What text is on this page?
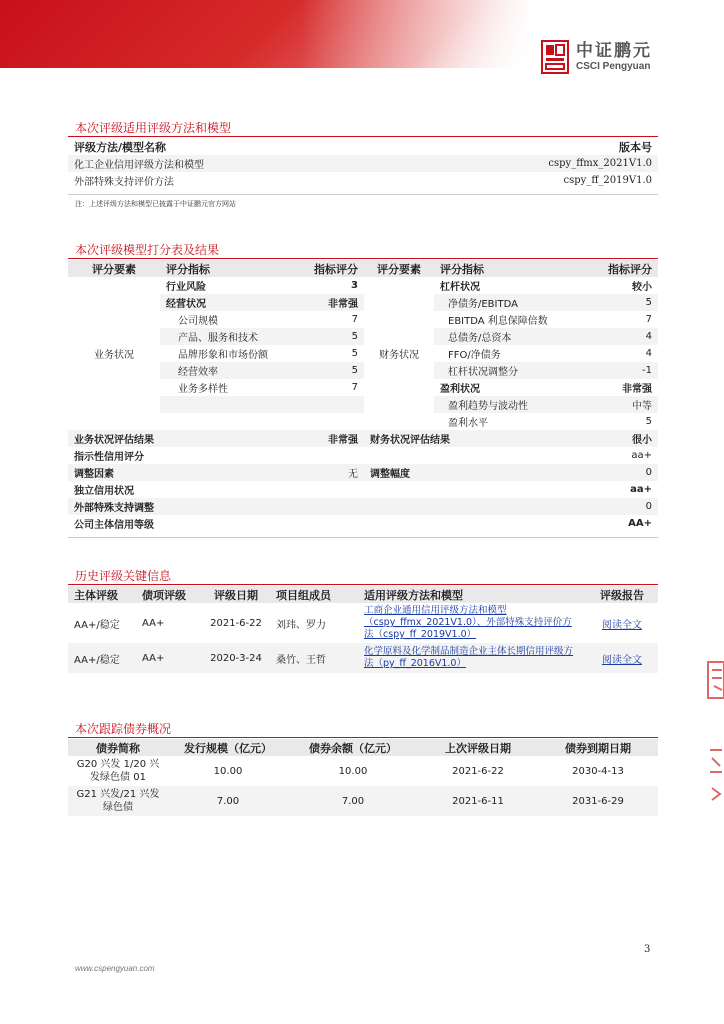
中证鹏元
CSCI Pengyuan
本次评级适用评级方法和模型
评级方法/模型名称	版本号
化工企业信用评级方法和模型	cspy_ffmx_2021V1.0
外部特殊支持评价方法	cspy_ff_2019V1.0
注：上述评级方法和模型已披露于中证鹏元官方网站
本次评级模型打分表及结果
评分要素	评分指标	指标评分	评分要素	评分指标	指标评分
业务状况	行业风险	3	财务状况	杠杆状况	较小
	经营状况	非常强		净债务/EBITDA	5
	公司规模	7		EBITDA 利息保障倍数	7
	产品、服务和技术	5		总债务/总资本	4
	品牌形象和市场份额	5		FFO/净债务	4
	经营效率	5		杠杆状况调整分	-1
	业务多样性	7		盈利状况	非常强
				盈利趋势与波动性	中等
				盈利水平	5
业务状况评估结果		非常强	财务状况评估结果		很小
指示性信用评分					aa+
调整因素		无	调整幅度		0
独立信用状况					aa+
外部特殊支持调整					0
公司主体信用等级					AA+
历史评级关键信息
主体评级	债项评级	评级日期	项目组成员	适用评级方法和模型	评级报告
AA+/稳定	AA+	2021-6-22	刘玮、罗力	工商企业通用信用评级方法和模型（cspy_ffmx_2021V1.0）、外部特殊支持评价方法（cspy_ff_2019V1.0）	阅读全文
AA+/稳定	AA+	2020-3-24	桑竹、王哲	化学原料及化学制品制造企业主体长期信用评级方法（py_ff_2016V1.0）	阅读全文
本次跟踪债券概况
债券简称	发行规模（亿元）	债券余额（亿元）	上次评级日期	债券到期日期
G20 兴发 1/20 兴发绿色债 01	10.00	10.00	2021-6-22	2030-4-13
G21 兴发/21 兴发绿色债	7.00	7.00	2021-6-11	2031-6-29
3
www.cspengyuan.com
